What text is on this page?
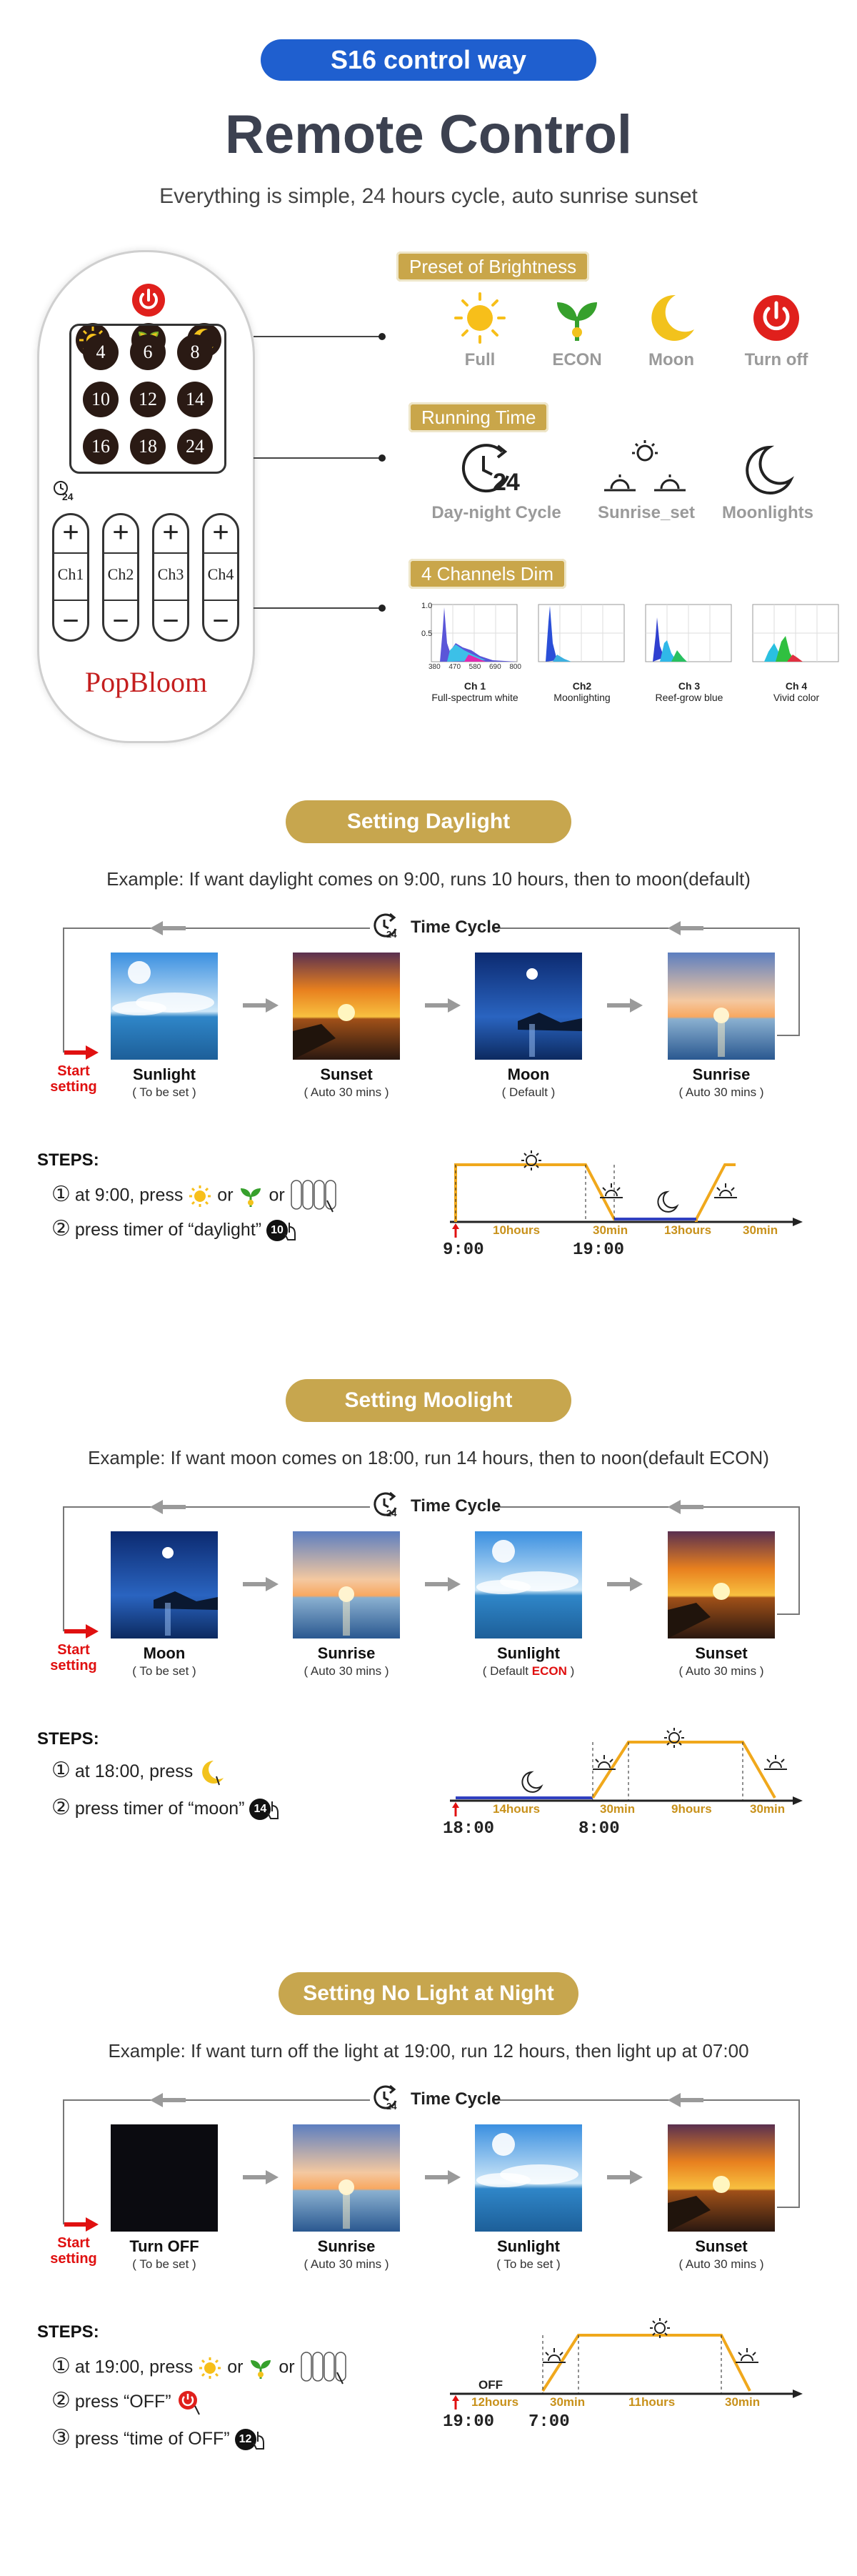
S16 control way
Remote Control
Everything is simple, 24 hours cycle, auto sunrise sunset
4	6	8
10	12	14
16	18	24
24
+
Ch1
−
+
Ch2
−
+
Ch3
−
+
Ch4
−
PopBloom
Preset of Brightness
Full	ECON	Moon	Turn off
Running Time
24
Day-night Cycle	Sunrise_set	Moonlights
4 Channels Dim
1.0
0.5
380 470 580 690 800
Ch 1
Full-spectrum white
Ch2
Moonlighting
Ch 3
Reef-grow blue
Ch 4
Vivid color
Setting Daylight
Example: If want daylight comes on 9:00, runs 10 hours, then to moon(default)
24 Time Cycle
Start
setting
Sunlight
( To be set )
Sunset
( Auto 30 mins )
Moon
( Default )
Sunrise
( Auto 30 mins )
STEPS:
① at 9:00, press or or
② press timer of “daylight” 10	10hours	30min	13hours	30min
9:00	19:00
Setting Moolight
Example: If want moon comes on 18:00, run 14 hours, then to noon(default ECON)
24 Time Cycle
Start
setting
Moon
( To be set )
Sunrise
( Auto 30 mins )
Sunlight
( Default ECON )
Sunset
( Auto 30 mins )
STEPS:
① at 18:00, press
② press timer of “moon” 14	14hours	30min	9hours	30min
18:00	8:00
Setting No Light at Night
Example: If want turn off the light at 19:00, run 12 hours, then light up at 07:00
24 Time Cycle
Start
setting
Turn OFF
( To be set )
Sunrise
( Auto 30 mins )
Sunlight
( To be set )
Sunset
( Auto 30 mins )
STEPS:
① at 19:00, press or or
② press “OFF”
③ press “time of OFF” 12
12hours	30min	11hours	30min
OFF
19:00 7:00
